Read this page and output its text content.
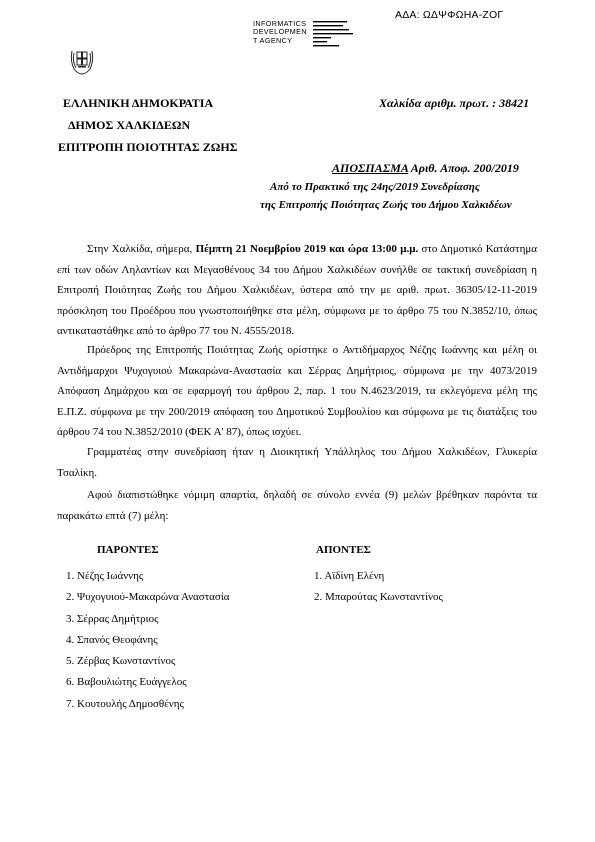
ΑΔΑ: ΩΔΨΦΩΗΑ-ΖΟΓ
INFORMATICS
DEVELOPMEN
T AGENCY
ΕΛΛΗΝΙΚΗ ΔΗΜΟΚΡΑΤΙΑ
ΔΗΜΟΣ ΧΑΛΚΙΔΕΩΝ
ΕΠΙΤΡΟΠΗ ΠΟΙΟΤΗΤΑΣ ΖΩΗΣ
Χαλκίδα αριθμ. πρωτ. : 38421
ΑΠΟΣΠΑΣΜΑ Αριθ. Αποφ. 200/2019
Από το Πρακτικό της 24ης/2019 Συνεδρίασης
της Επιτροπής Ποιότητας Ζωής του Δήμου Χαλκιδέων
Στην Χαλκίδα, σήμερα, Πέμπτη 21 Νοεμβρίου 2019 και ώρα 13:00 μ.μ. στο Δημοτικό Κατάστημα επί των οδών Ληλαντίων και Μεγασθένους 34 του Δήμου Χαλκιδέων συνήλθε σε τακτική συνεδρίαση η Επιτροπή Ποιότητας Ζωής του Δήμου Χαλκιδέων, ύστερα από την με αριθ. πρωτ. 36305/12-11-2019 πρόσκληση του Προέδρου που γνωστοποιήθηκε στα μέλη, σύμφωνα με το άρθρο 75 του Ν.3852/10, όπως αντικαταστάθηκε από το άρθρο 77 του Ν. 4555/2018.
Πρόεδρος της Επιτροπής Ποιότητας Ζωής ορίστηκε ο Αντιδήμαρχος Νέζης Ιωάννης και μέλη οι Αντιδήμαρχοι Ψυχογυιού Μακαρώνα-Αναστασία και Σέρρας Δημήτριος, σύμφωνα με την 4073/2019 Απόφαση Δημάρχου και σε εφαρμογή του άρθρου 2, παρ. 1 του Ν.4623/2019, τα εκλεγόμενα μέλη της Ε.Π.Ζ. σύμφωνα με την 200/2019 απόφαση του Δημοτικού Συμβουλίου και σύμφωνα με τις διατάξεις του άρθρου 74 του Ν.3852/2010 (ΦΕΚ Α' 87), όπως ισχύει.
Γραμματέας στην συνεδρίαση ήταν η Διοικητική Υπάλληλος του Δήμου Χαλκιδέων, Γλυκερία Τσαλίκη.
Αφού διαπιστώθηκε νόμιμη απαρτία, δηλαδή σε σύνολο εννέα (9) μελών βρέθηκαν παρόντα τα παρακάτω επτά (7) μέλη:
ΠΑΡΟΝΤΕΣ	ΑΠΟΝΤΕΣ
1. Νέζης Ιωάννης
2. Ψυχογυιού-Μακαρώνα Αναστασία
3. Σέρρας Δημήτριος
4. Σπανός Θεοφάνης
5. Ζέρβας Κωνσταντίνος
6. Βαβουλιώτης Ευάγγελος
7. Κουτουλής Δημοσθένης
1. Αϊδίνη Ελένη
2. Μπαρούτας Κωνσταντίνος
